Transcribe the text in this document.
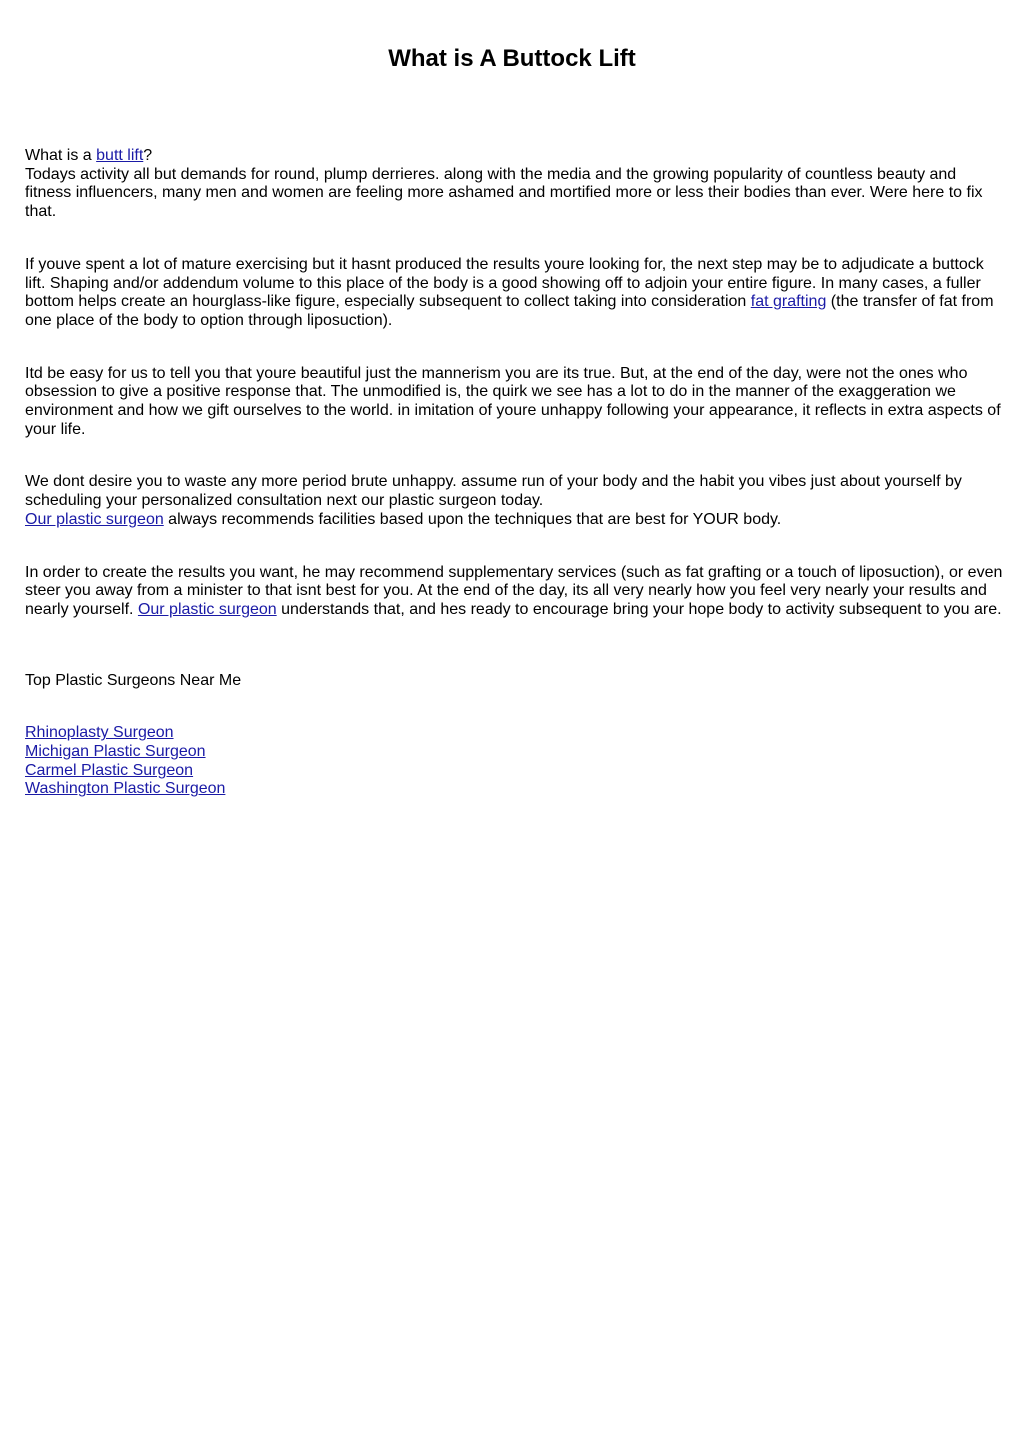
What is A Buttock Lift

What is a butt lift?
Todays activity all but demands for round, plump derrieres. along with the media and the growing popularity of countless beauty and fitness influencers, many men and women are feeling more ashamed and mortified more or less their bodies than ever. Were here to fix that.

If youve spent a lot of mature exercising but it hasnt produced the results youre looking for, the next step may be to adjudicate a buttock lift. Shaping and/or addendum volume to this place of the body is a good showing off to adjoin your entire figure. In many cases, a fuller bottom helps create an hourglass-like figure, especially subsequent to collect taking into consideration fat grafting (the transfer of fat from one place of the body to option through liposuction).

Itd be easy for us to tell you that youre beautiful just the mannerism you are its true. But, at the end of the day, were not the ones who obsession to give a positive response that. The unmodified is, the quirk we see has a lot to do in the manner of the exaggeration we environment and how we gift ourselves to the world. in imitation of youre unhappy following your appearance, it reflects in extra aspects of your life.

We dont desire you to waste any more period brute unhappy. assume run of your body and the habit you vibes just about yourself by scheduling your personalized consultation next our plastic surgeon today.
Our plastic surgeon always recommends facilities based upon the techniques that are best for YOUR body.

In order to create the results you want, he may recommend supplementary services (such as fat grafting or a touch of liposuction), or even steer you away from a minister to that isnt best for you. At the end of the day, its all very nearly how you feel very nearly your results and nearly yourself. Our plastic surgeon understands that, and hes ready to encourage bring your hope body to activity subsequent to you are.

Top Plastic Surgeons Near Me

Rhinoplasty Surgeon
Michigan Plastic Surgeon
Carmel Plastic Surgeon
Washington Plastic Surgeon
